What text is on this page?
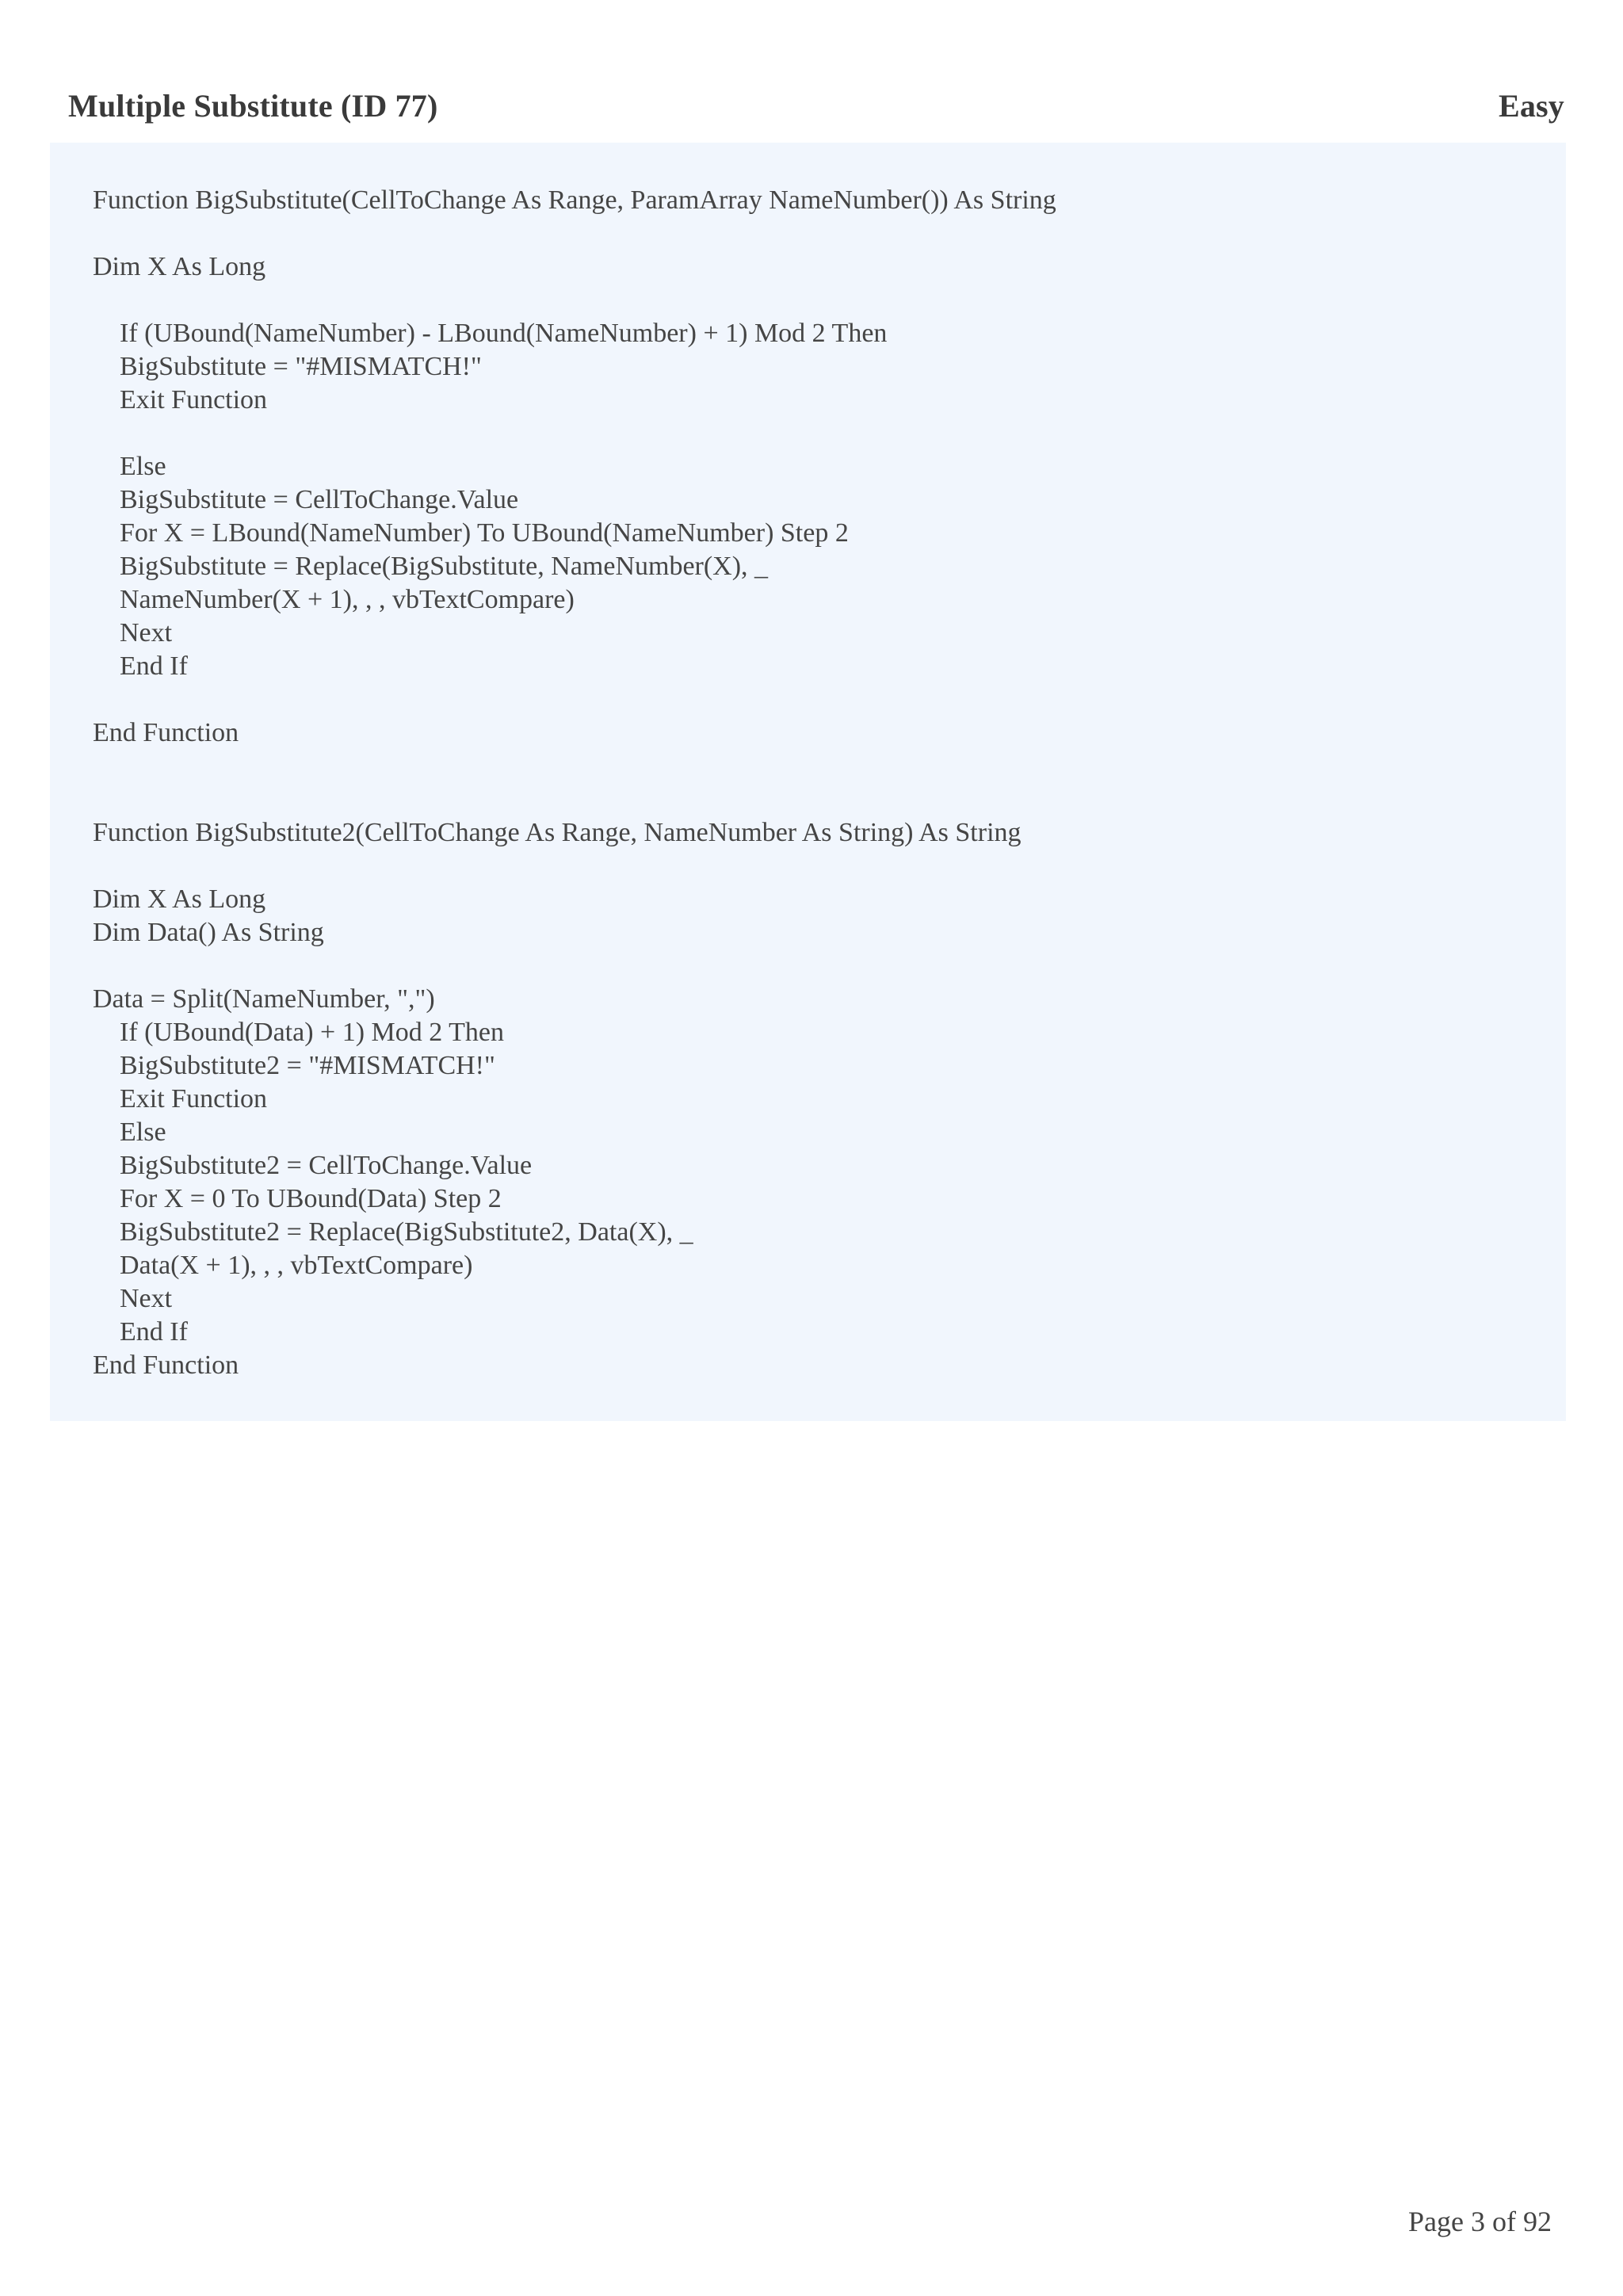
Multiple Substitute (ID 77)	Easy
Function BigSubstitute(CellToChange As Range, ParamArray NameNumber()) As String
Dim X As Long
If (UBound(NameNumber) - LBound(NameNumber) + 1) Mod 2 Then
BigSubstitute = "#MISMATCH!"
Exit Function
Else
BigSubstitute = CellToChange.Value
For X = LBound(NameNumber) To UBound(NameNumber) Step 2
BigSubstitute = Replace(BigSubstitute, NameNumber(X), _
NameNumber(X + 1), , , vbTextCompare)
Next
End If
End Function
Function BigSubstitute2(CellToChange As Range, NameNumber As String) As String
Dim X As Long
Dim Data() As String
Data = Split(NameNumber, ",")
If (UBound(Data) + 1) Mod 2 Then
BigSubstitute2 = "#MISMATCH!"
Exit Function
Else
BigSubstitute2 = CellToChange.Value
For X = 0 To UBound(Data) Step 2
BigSubstitute2 = Replace(BigSubstitute2, Data(X), _
Data(X + 1), , , vbTextCompare)
Next
End If
End Function
Page 3 of 92
